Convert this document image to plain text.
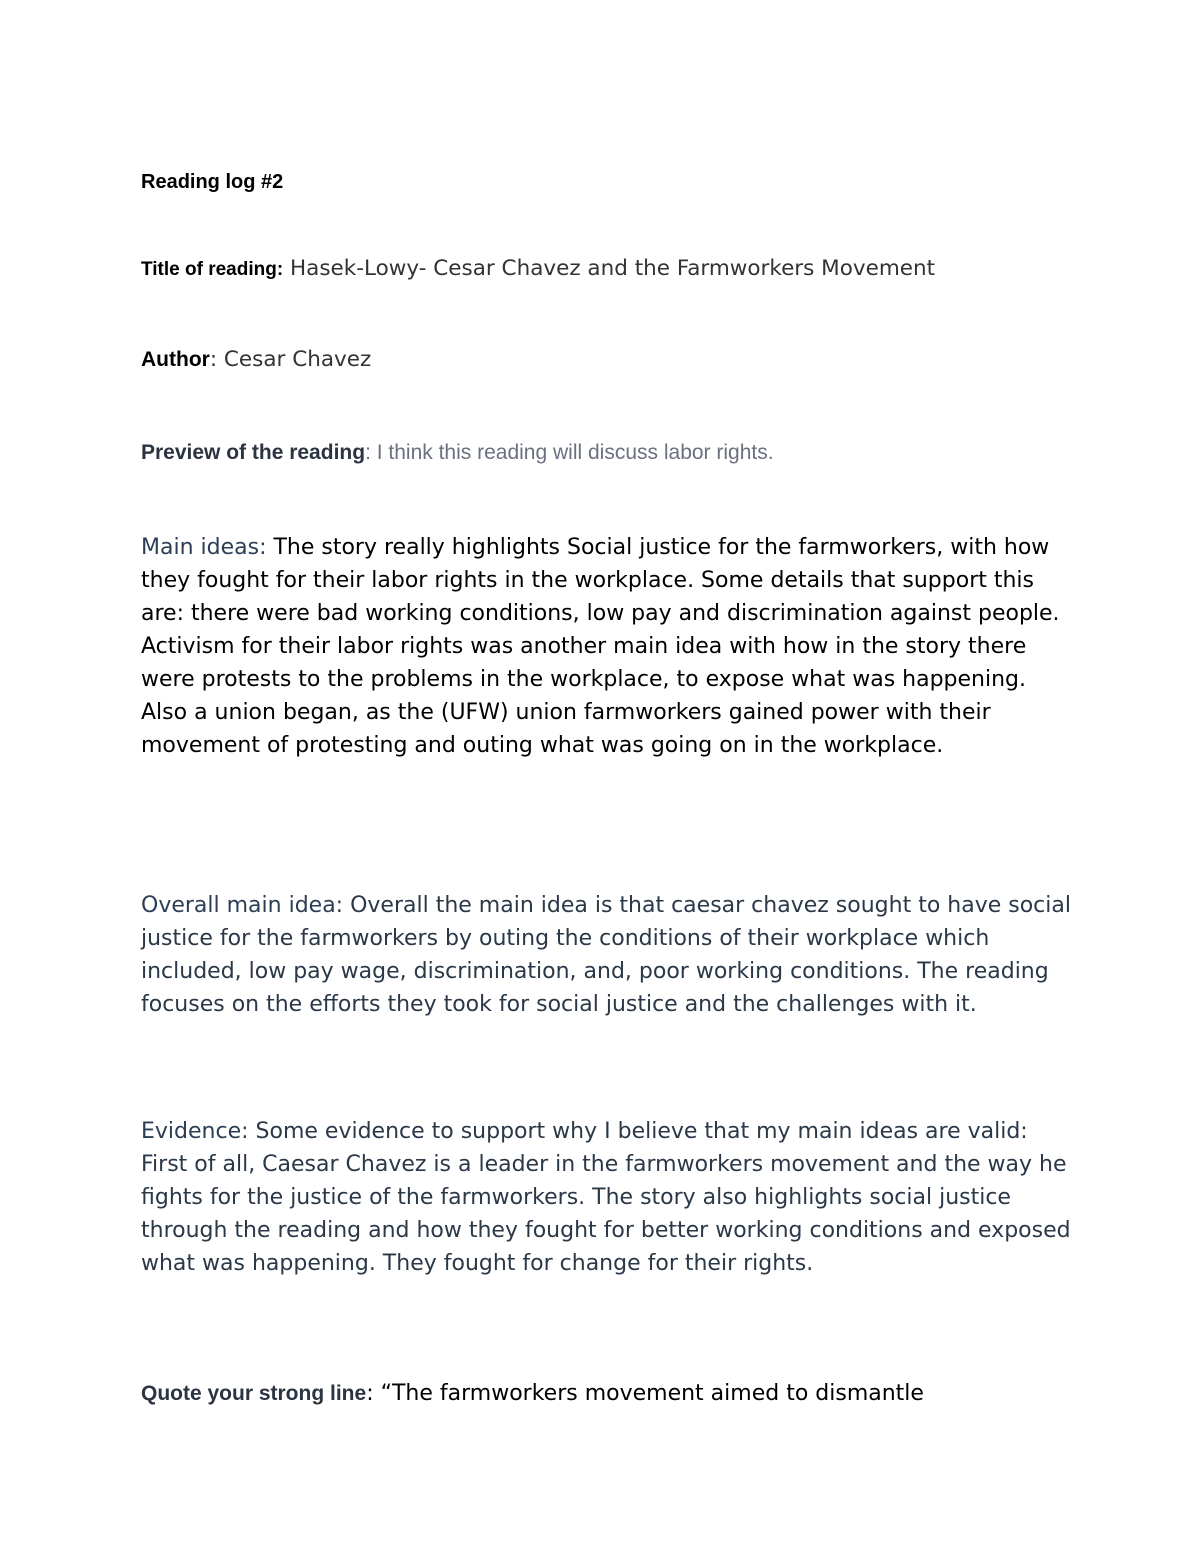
Reading log #2
Title of reading: Hasek-Lowy- Cesar Chavez and the Farmworkers Movement
Author: Cesar Chavez
Preview of the reading: I think this reading will discuss labor rights.

Main ideas: The story really highlights Social justice for the farmworkers, with how they fought for their labor rights in the workplace. Some details that support this are: there were bad working conditions, low pay and discrimination against people.

Activism for their labor rights was another main idea with how in the story there were protests to the problems in the workplace, to expose what was happening. Also a union began, as the (UFW) union farmworkers gained power with their movement of protesting and outing what was going on in the workplace.

Overall main idea: Overall the main idea is that caesar chavez sought to have social justice for the farmworkers by outing the conditions of their workplace which included, low pay wage, discrimination, and, poor working conditions. The reading focuses on the efforts they took for social justice and the challenges with it.
Evidence: Some evidence to support why I believe that my main ideas are valid: First of all, Caesar Chavez is a leader in the farmworkers movement and the way he fights for the justice of the farmworkers. The story also highlights social justice through the reading and how they fought for better working conditions and exposed what was happening. They fought for change for their rights.
Quote your strong line: “The farmworkers movement aimed to dismantle
